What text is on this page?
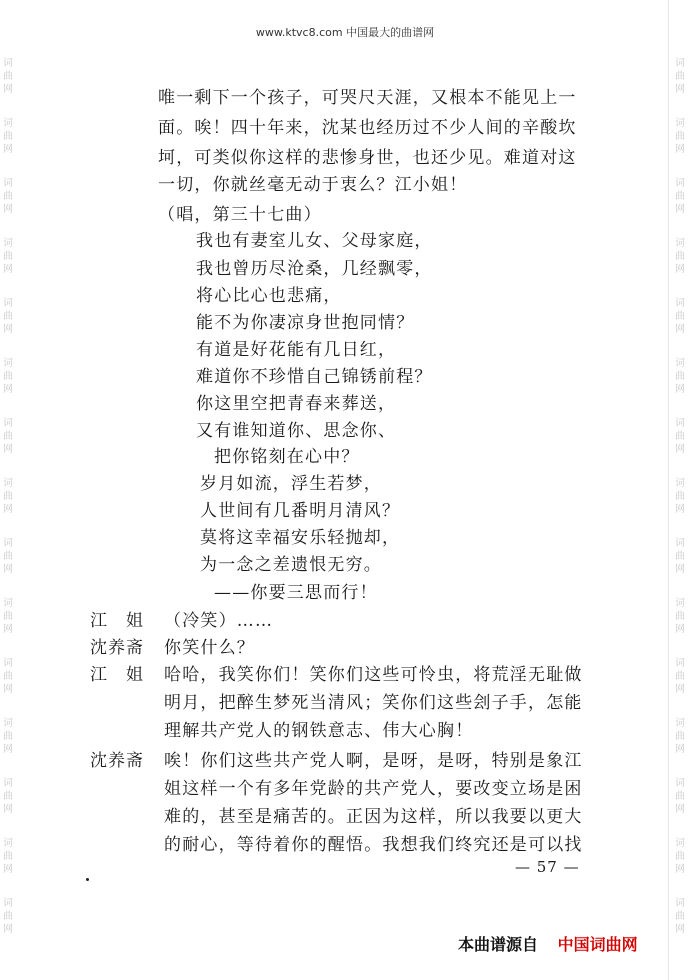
词	词
曲	曲
网	网
词	词
曲	曲
网	网
词	词
曲	曲
网	网
词	词
曲	曲
网	网
词	词
曲	曲
网	网
词	词
曲	曲
网	网
词	词
曲	曲
网	网
词	词
曲	曲
网	网
词	词
曲	曲
网	网
词	词
曲	曲
网	网
词	词
曲	曲
网	网
词	词
曲	曲
网	网
词	词
曲	曲
网	网
词	词
曲	曲
网	网
词	词
曲	曲
网	网
www.ktvc8.com 中国最大的曲谱网
唯一剩下一个孩子，可哭尺天涯，又根本不能见上一
面。唉！四十年来，沈某也经历过不少人间的辛酸坎
坷，可类似你这样的悲惨身世，也还少见。难道对这
一切，你就丝毫无动于衷么？江小姐！
（唱，第三十七曲）
我也有妻室儿女、父母家庭，
我也曾历尽沧桑，几经飘零，
将心比心也悲痛，
能不为你凄凉身世抱同情？
有道是好花能有几日红，
难道你不珍惜自己锦锈前程？
你这里空把青春来葬送，
又有谁知道你、思念你、
把你铭刻在心中？
岁月如流，浮生若梦，
人世间有几番明月清风？
莫将这幸福安乐轻抛却，
为一念之差遗恨无穷。
——你要三思而行！
江　姐 （冷笑）……
沈养斋 你笑什么？
江　姐 哈哈，我笑你们！笑你们这些可怜虫，将荒淫无耻做
明月，把醉生梦死当清风；笑你们这些刽子手，怎能
理解共产党人的钢铁意志、伟大心胸！
沈养斋 唉！你们这些共产党人啊，是呀，是呀，特别是象江
姐这样一个有多年党龄的共产党人，要改变立场是困
难的，甚至是痛苦的。正因为这样，所以我要以更大
的耐心，等待着你的醒悟。我想我们终究还是可以找
— 57 —
本曲谱源自 中国词曲网
